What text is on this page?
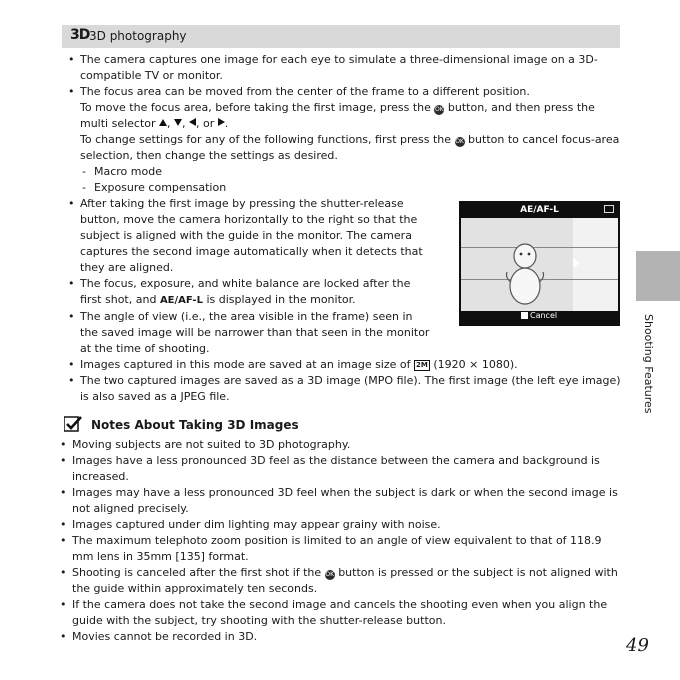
3D 3D photography
• The camera captures one image for each eye to simulate a three-dimensional image on a 3D-compatible TV or monitor.
• The focus area can be moved from the center of the frame to a different position.
To move the focus area, before taking the first image, press the OK button, and then press the multi selector , , , or .
To change settings for any of the following functions, first press the OK button to cancel focus-area selection, then change the settings as desired.
- Macro mode
- Exposure compensation
• After taking the first image by pressing the shutter-release button, move the camera horizontally to the right so that the subject is aligned with the guide in the monitor. The camera captures the second image automatically when it detects that they are aligned.
• The focus, exposure, and white balance are locked after the first shot, and AE/AF-L is displayed in the monitor.
• The angle of view (i.e., the area visible in the frame) seen in the saved image will be narrower than that seen in the monitor at the time of shooting.
• Images captured in this mode are saved at an image size of 2M (1920 × 1080).
• The two captured images are saved as a 3D image (MPO file). The first image (the left eye image) is also saved as a JPEG file.
AE/AF-L
Cancel
Notes About Taking 3D Images
• Moving subjects are not suited to 3D photography.
• Images have a less pronounced 3D feel as the distance between the camera and background is increased.
• Images may have a less pronounced 3D feel when the subject is dark or when the second image is not aligned precisely.
• Images captured under dim lighting may appear grainy with noise.
• The maximum telephoto zoom position is limited to an angle of view equivalent to that of 118.9 mm lens in 35mm [135] format.
• Shooting is canceled after the first shot if the OK button is pressed or the subject is not aligned with the guide within approximately ten seconds.
• If the camera does not take the second image and cancels the shooting even when you align the guide with the subject, try shooting with the shutter-release button.
• Movies cannot be recorded in 3D.
Shooting Features
49
